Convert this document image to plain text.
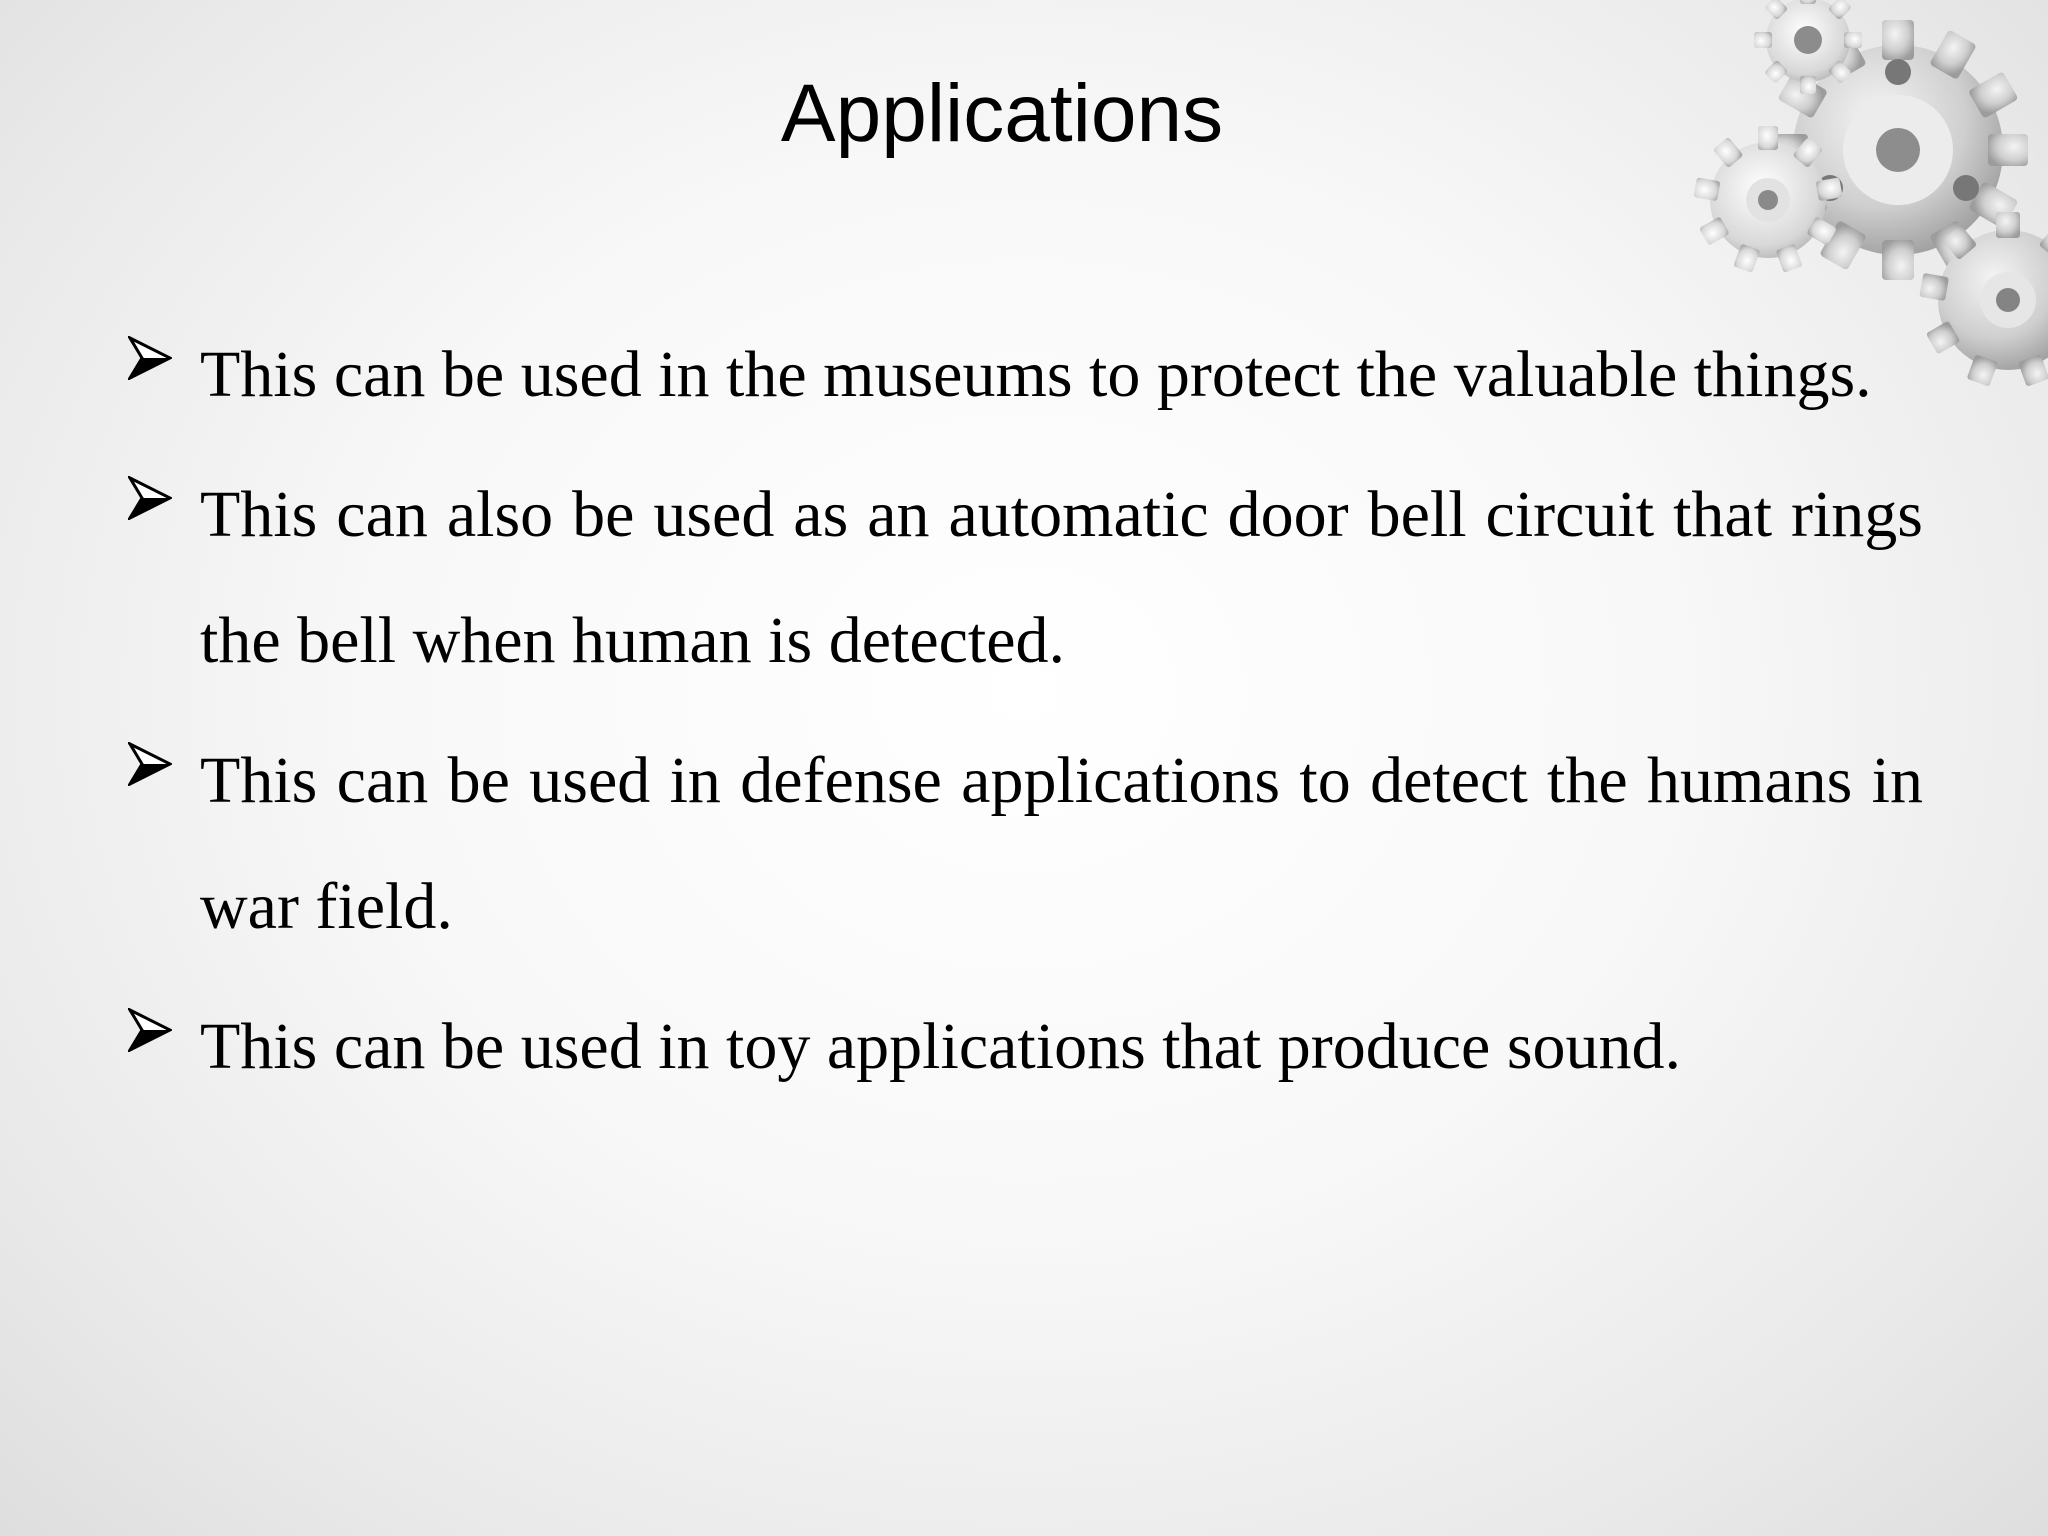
Applications
This can be used in the museums to protect the valuable things.
This can also be used as an automatic door bell circuit that rings the bell when human is detected.
This can be used in defense applications to detect the humans in war field.
This can be used in toy applications that produce sound.
